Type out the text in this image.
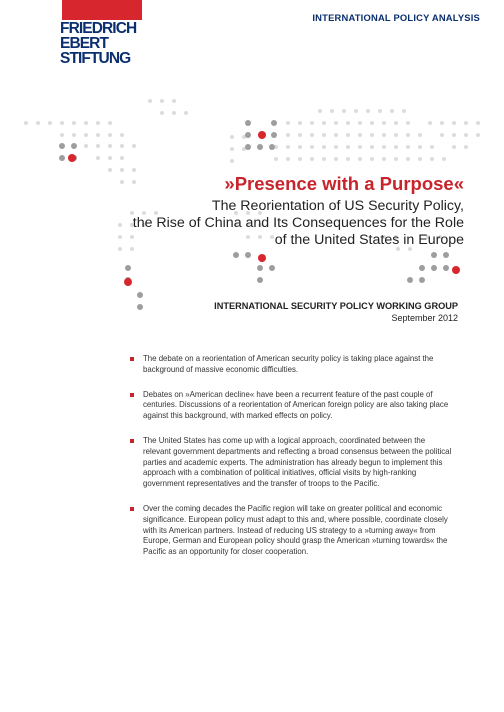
FRIEDRICH
EBERT
STIFTUNG
INTERNATIONAL POLICY ANALYSIS
»Presence with a Purpose«
The Reorientation of US Security Policy,
the Rise of China and Its Consequences for the Role
of the United States in Europe
INTERNATIONAL SECURITY POLICY WORKING GROUP
September 2012
The debate on a reorientation of American security policy is taking place against the background of massive economic difficulties.
Debates on »American decline« have been a recurrent feature of the past couple of centuries. Discussions of a reorientation of American foreign policy are also taking place against this background, with marked effects on policy.
The United States has come up with a logical approach, coordinated between the relevant government departments and reflecting a broad consensus between the political parties and academic experts. The administration has already begun to implement this approach with a combination of political initiatives, official visits by high-ranking government representatives and the transfer of troops to the Pacific.
Over the coming decades the Pacific region will take on greater political and economic significance. European policy must adapt to this and, where possible, coordinate closely with its American partners. Instead of reducing US strategy to a »turning away« from Europe, German and European policy should grasp the American »turning towards« the Pacific as an opportunity for closer cooperation.
